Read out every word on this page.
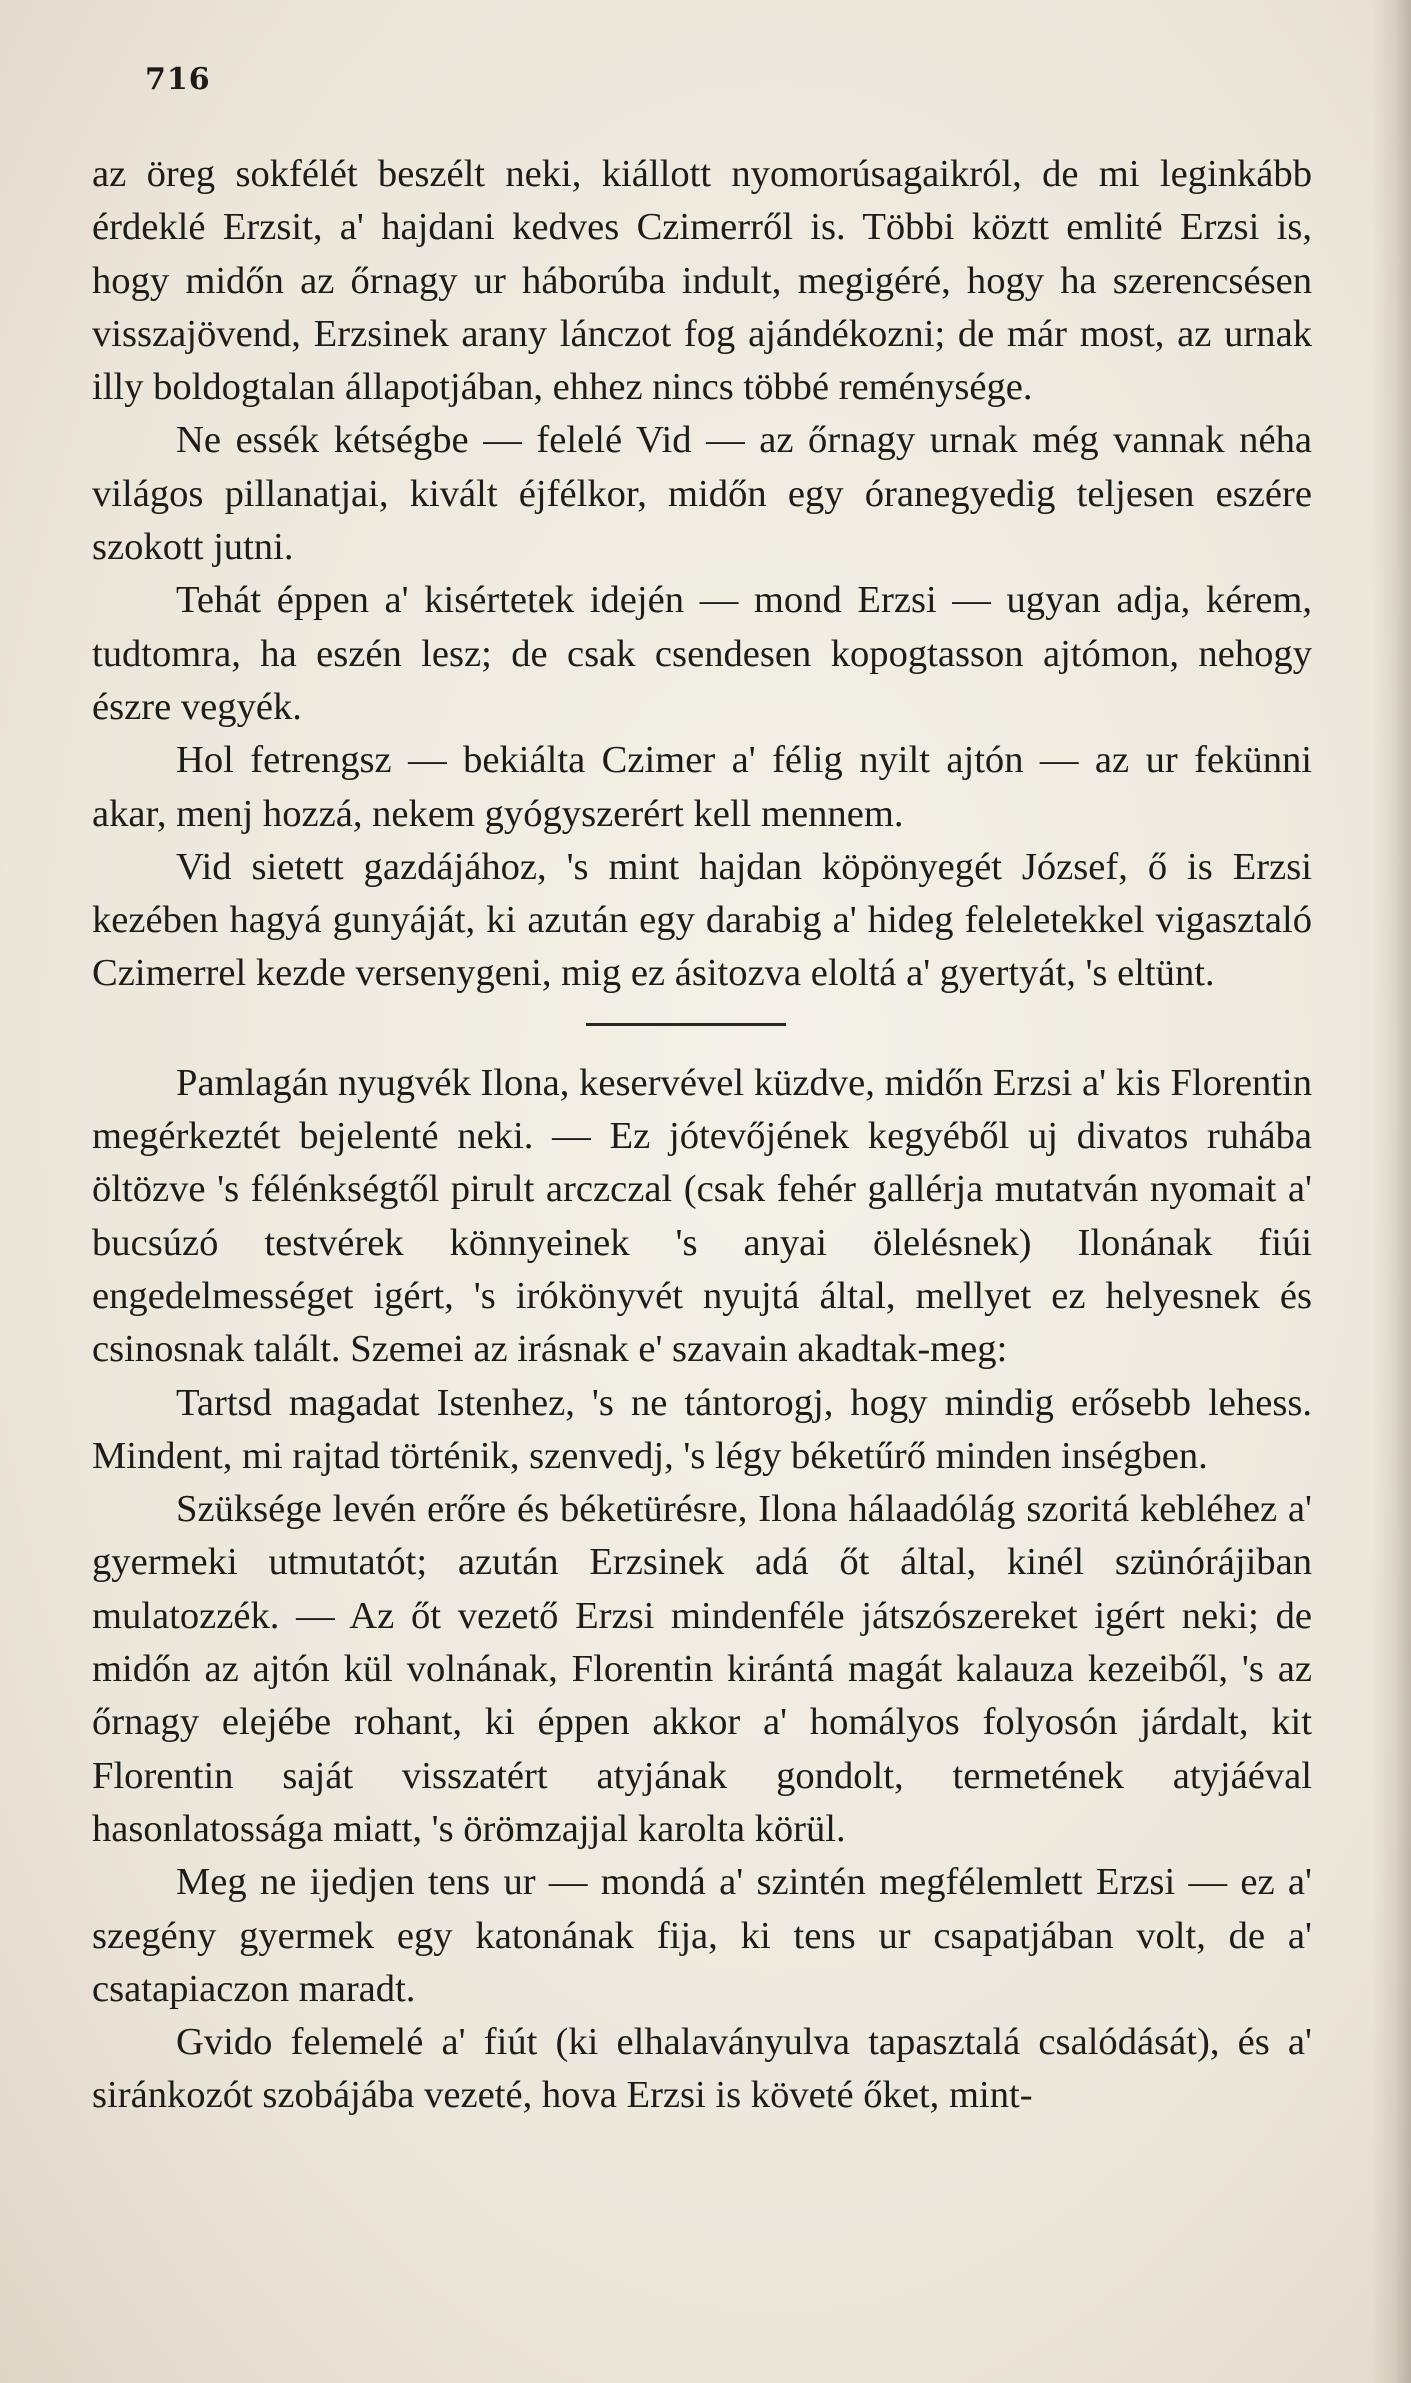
716

az öreg sokfélét beszélt neki, kiállott nyomorúsagaikról, de mi leginkább érdeklé Erzsit, a' hajdani kedves Czimerről is. Többi köztt emlité Erzsi is, hogy midőn az őrnagy ur háborúba indult, megigéré, hogy ha szerencsésen visszajövend, Erzsinek arany lánczot fog ajándékozni; de már most, az urnak illy boldogtalan állapotjában, ehhez nincs többé reménysége.

Ne essék kétségbe — felelé Vid — az őrnagy urnak még vannak néha világos pillanatjai, kivált éjfélkor, midőn egy óranegyedig teljesen eszére szokott jutni.

Tehát éppen a' kisértetek idején — mond Erzsi — ugyan adja, kérem, tudtomra, ha eszén lesz; de csak csendesen kopogtasson ajtómon, nehogy észre vegyék.

Hol fetrengsz — bekiálta Czimer a' félig nyilt ajtón — az ur fekünni akar, menj hozzá, nekem gyógyszerért kell mennem.

Vid sietett gazdájához, 's mint hajdan köpönyegét József, ő is Erzsi kezében hagyá gunyáját, ki azután egy darabig a' hideg feleletekkel vigasztaló Czimerrel kezde versenygeni, mig ez ásitozva eloltá a' gyertyát, 's eltünt.

Pamlagán nyugvék Ilona, keservével küzdve, midőn Erzsi a' kis Florentin megérkeztét bejelenté neki. — Ez jótevőjének kegyéből uj divatos ruhába öltözve 's félénkségtől pirult arczczal (csak fehér gallérja mutatván nyomait a' bucsúzó testvérek könnyeinek 's anyai ölelésnek) Ilonának fiúi engedelmességet igért, 's irókönyvét nyujtá által, mellyet ez helyesnek és csinosnak talált. Szemei az irásnak e' szavain akadtak-meg:

Tartsd magadat Istenhez, 's ne tántorogj, hogy mindig erősebb lehess. Mindent, mi rajtad történik, szenvedj, 's légy béketűrő minden inségben.

Szüksége levén erőre és béketürésre, Ilona hálaadólág szoritá kebléhez a' gyermeki utmutatót; azután Erzsinek adá őt által, kinél szünórájiban mulatozzék. — Az őt vezető Erzsi mindenféle játszószereket igért neki; de midőn az ajtón kül volnának, Florentin kirántá magát kalauza kezeiből, 's az őrnagy elejébe rohant, ki éppen akkor a' homályos folyosón járdalt, kit Florentin saját visszatért atyjának gondolt, termetének atyjáéval hasonlatossága miatt, 's örömzajjal karolta körül.

Meg ne ijedjen tens ur — mondá a' szintén megfélemlett Erzsi — ez a' szegény gyermek egy katonának fija, ki tens ur csapatjában volt, de a' csatapiaczon maradt.

Gvido felemelé a' fiút (ki elhalaványulva tapasztalá csalódását), és a' siránkozót szobájába vezeté, hova Erzsi is követé őket, mint-
